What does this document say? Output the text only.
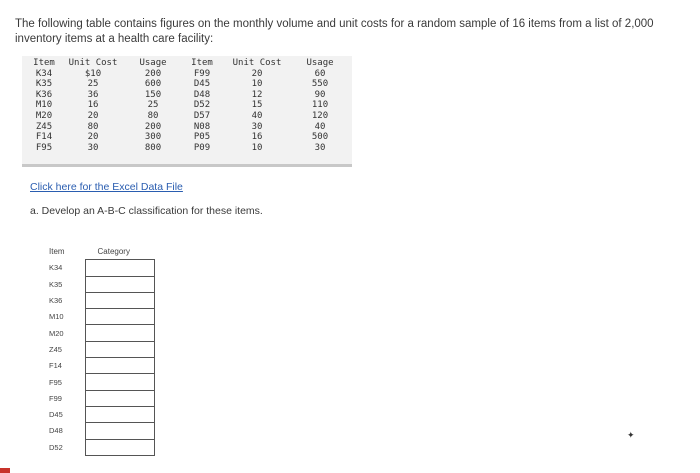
The following table contains figures on the monthly volume and unit costs for a random sample of 16 items from a list of 2,000 inventory items at a health care facility:
Item	Unit Cost	Usage	Item	Unit Cost	Usage
K34	$10	200	F99	20	60
K35	25	600	D45	10	550
K36	36	150	D48	12	90
M10	16	25	D52	15	110
M20	20	80	D57	40	120
Z45	80	200	N08	30	40
F14	20	300	P05	16	500
F95	30	800	P09	10	30
Click here for the Excel Data File
a. Develop an A-B-C classification for these items.
Item	Category
K34	
K35	
K36	
M10	
M20	
Z45	
F14	
F95	
F99	
D45	
D48	
D52	
✦
